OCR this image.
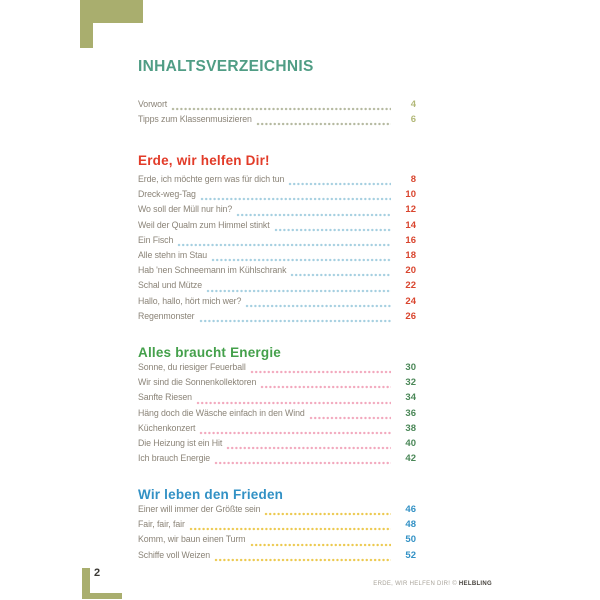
INHALTSVERZEICHNIS
Vorwort	4
Tipps zum Klassenmusizieren	6
Erde, wir helfen Dir!
Erde, ich möchte gern was für dich tun	8
Dreck-weg-Tag	10
Wo soll der Müll nur hin?	12
Weil der Qualm zum Himmel stinkt	14
Ein Fisch	16
Alle stehn im Stau	18
Hab 'nen Schneemann im Kühlschrank	20
Schal und Mütze	22
Hallo, hallo, hört mich wer?	24
Regenmonster	26
Alles braucht Energie
Sonne, du riesiger Feuerball	30
Wir sind die Sonnenkollektoren	32
Sanfte Riesen	34
Häng doch die Wäsche einfach in den Wind	36
Küchenkonzert	38
Die Heizung ist ein Hit	40
Ich brauch Energie	42
Wir leben den Frieden
Einer will immer der Größte sein	46
Fair, fair, fair	48
Komm, wir baun einen Turm	50
Schiffe voll Weizen	52
2
ERDE, WIR HELFEN DIR! © HELBLING
